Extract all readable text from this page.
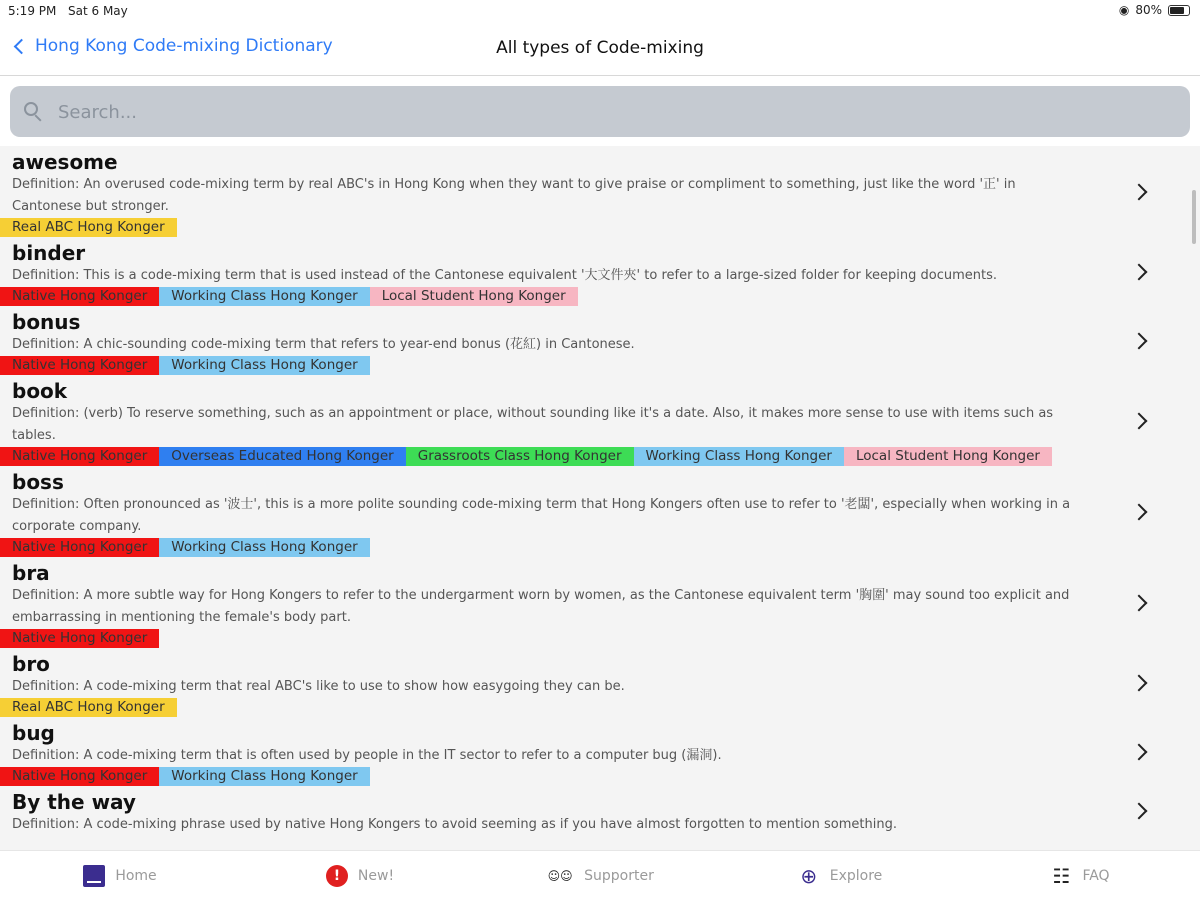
5:19 PM Sat 6 May	◉ 80%
Hong Kong Code-mixing Dictionary	All types of Code-mixing
Search...
awesome
Definition: An overused code-mixing term by real ABC's in Hong Kong when they want to give praise or compliment to something, just like the word '正' in Cantonese but stronger.
Real ABC Hong Konger
binder
Definition: This is a code-mixing term that is used instead of the Cantonese equivalent '大文件夾' to refer to a large-sized folder for keeping documents.
Native Hong Konger	Working Class Hong Konger	Local Student Hong Konger
bonus
Definition: A chic-sounding code-mixing term that refers to year-end bonus (花紅) in Cantonese.
Native Hong Konger	Working Class Hong Konger
book
Definition: (verb) To reserve something, such as an appointment or place, without sounding like it's a date. Also, it makes more sense to use with items such as tables.
Native Hong Konger	Overseas Educated Hong Konger	Grassroots Class Hong Konger	Working Class Hong Konger	Local Student Hong Konger
boss
Definition: Often pronounced as '波士', this is a more polite sounding code-mixing term that Hong Kongers often use to refer to '老闆', especially when working in a corporate company.
Native Hong Konger	Working Class Hong Konger
bra
Definition: A more subtle way for Hong Kongers to refer to the undergarment worn by women, as the Cantonese equivalent term '胸圍' may sound too explicit and embarrassing in mentioning the female's body part.
Native Hong Konger
bro
Definition: A code-mixing term that real ABC's like to use to show how easygoing they can be.
Real ABC Hong Konger
bug
Definition: A code-mixing term that is often used by people in the IT sector to refer to a computer bug (漏洞).
Native Hong Konger	Working Class Hong Konger
By the way
Definition: A code-mixing phrase used by native Hong Kongers to avoid seeming as if you have almost forgotten to mention something.
Home	!	New!	☺☺ Supporter	⊕ Explore	☷ FAQ
